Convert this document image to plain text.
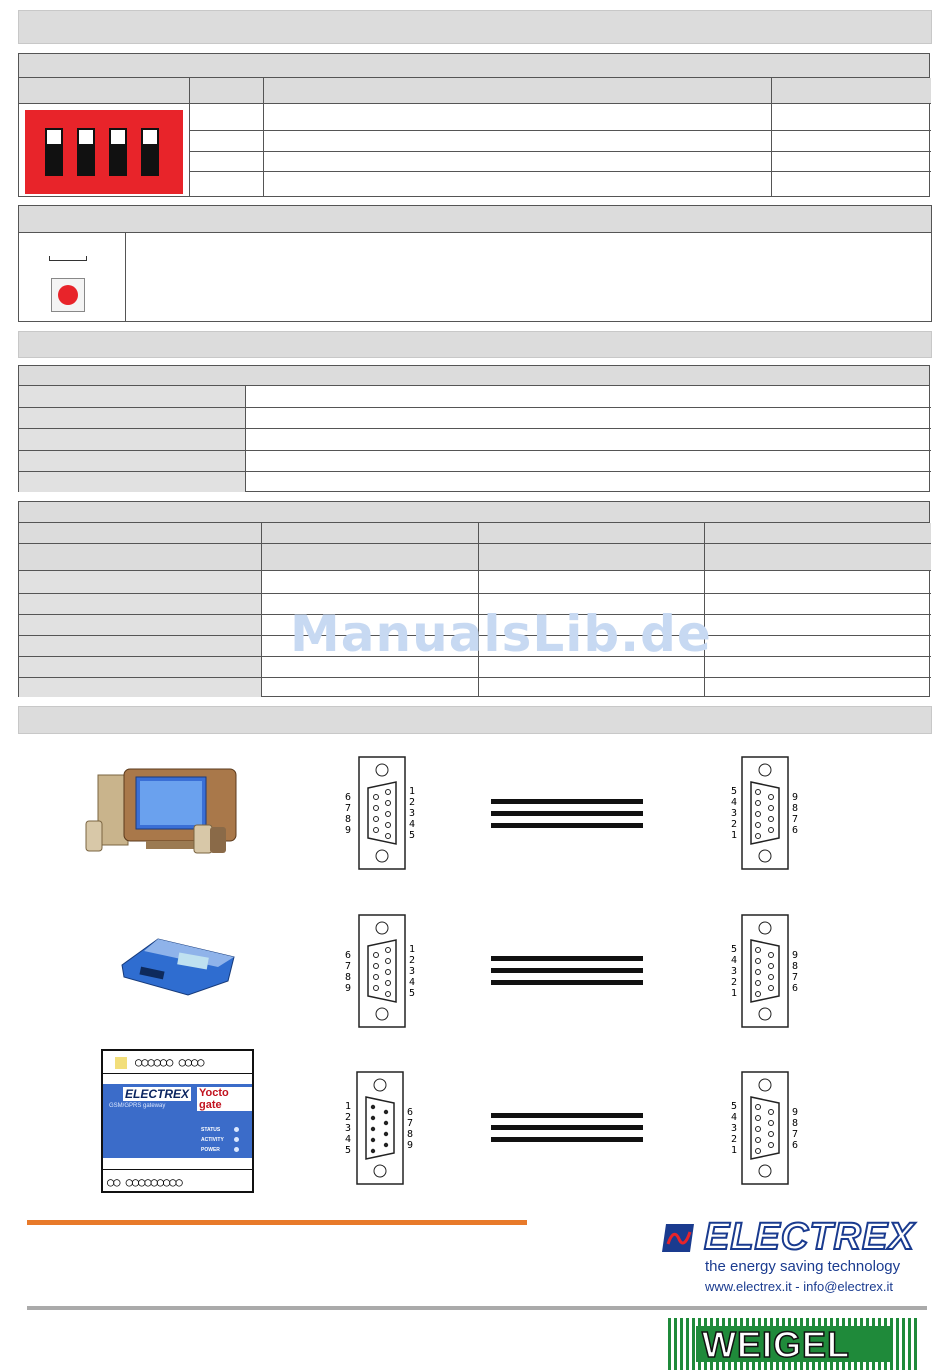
ManualsLib.de
○○○○○○ ○○○○
ELECTREX Yocto gate
GSM/GPRS gateway
STATUS
ACTIVITY
POWER
○○ ○○○○○○○○○
6
7
8
9
1
2
3
4
5
5
4
3
2
1
9
8
7
6
6
7
8
9
1
2
3
4
5
5
4
3
2
1
9
8
7
6
1
2
3
4
5
6
7
8
9
5
4
3
2
1
9
8
7
6
ELECTREX
the energy saving technology
www.electrex.it - info@electrex.it
WEIGEL
